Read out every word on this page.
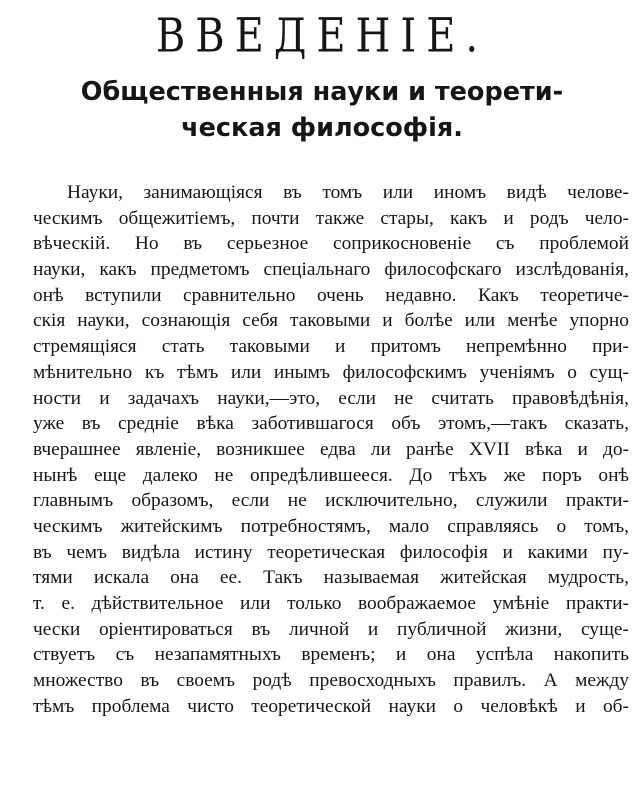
ВВЕДЕНІЕ.
Общественныя науки и теорети-
ческая философія.
Науки, занимающіяся въ томъ или иномъ видѣ челове-
ческимъ общежитіемъ, почти также стары, какъ и родъ чело-
вѣческій. Но въ серьезное соприкосновеніе съ проблемой
науки, какъ предметомъ спеціальнаго философскаго изслѣдованія,
онѣ вступили сравнительно очень недавно. Какъ теоретиче-
скія науки, сознающія себя таковыми и болѣе или менѣе упорно
стремящіяся стать таковыми и притомъ непремѣнно при-
мѣнительно къ тѣмъ или инымъ философскимъ ученіямъ о сущ-
ности и задачахъ науки,—это, если не считать правовѣдѣнія,
уже въ средніе вѣка заботившагося объ этомъ,—такъ сказать,
вчерашнее явленіе, возникшее едва ли ранѣе XVII вѣка и до-
нынѣ еще далеко не опредѣлившееся. До тѣхъ же поръ онѣ
главнымъ образомъ, если не исключительно, служили практи-
ческимъ житейскимъ потребностямъ, мало справляясь о томъ,
въ чемъ видѣла истину теоретическая философія и какими пу-
тями искала она ее. Такъ называемая житейская мудрость,
т. е. дѣйствительное или только воображаемое умѣніе практи-
чески оріентироваться въ личной и публичной жизни, суще-
ствуетъ съ незапамятныхъ временъ; и она успѣла накопить
множество въ своемъ родѣ превосходныхъ правилъ. А между
тѣмъ проблема чисто теоретической науки о человѣкѣ и об-
